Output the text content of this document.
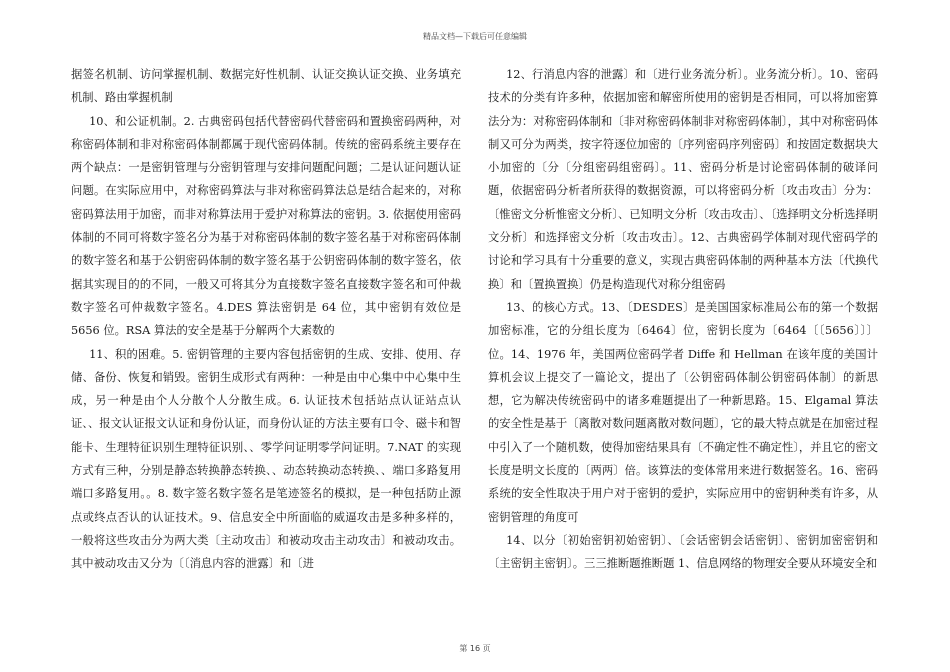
精品文档—下载后可任意编辑

据签名机制、访问掌握机制、数据完好性机制、认证交换认证交换、业务填充机制、路由掌握机制

10、和公证机制。2. 古典密码包括代替密码代替密码和置换密码两种，对称密码体制和非对称密码体制都属于现代密码体制。传统的密码系统主要存在两个缺点：一是密钥管理与分密钥管理与安排问题配问题；二是认证问题认证问题。在实际应用中，对称密码算法与非对称密码算法总是结合起来的，对称密码算法用于加密，而非对称算法用于爱护对称算法的密钥。3. 依据使用密码体制的不同可将数字签名分为基于对称密码体制的数字签名基于对称密码体制的数字签名和基于公钥密码体制的数字签名基于公钥密码体制的数字签名，依据其实现目的的不同，一般又可将其分为直接数字签名直接数字签名和可仲裁数字签名可仲裁数字签名。4.DES 算法密钥是 64 位，其中密钥有效位是 5656 位。RSA 算法的安全是基于分解两个大素数的

11、积的困难。5. 密钥管理的主要内容包括密钥的生成、安排、使用、存储、备份、恢复和销毁。密钥生成形式有两种：一种是由中心集中中心集中生成，另一种是由个人分散个人分散生成。6. 认证技术包括站点认证站点认证、、报文认证报文认证和身份认证，而身份认证的方法主要有口令、磁卡和智能卡、生理特征识别生理特征识别、、零学问证明零学问证明。7.NAT 的实现方式有三种，分别是静态转换静态转换、、动态转换动态转换、、端口多路复用端口多路复用。。8. 数字签名数字签名是笔迹签名的模拟，是一种包括防止源点或终点否认的认证技术。9、信息安全中所面临的威逼攻击是多种多样的，一般将这些攻击分为两大类〔主动攻击〕和被动攻击主动攻击〕和被动攻击。其中被动攻击又分为〔〔消息内容的泄露〕和〔进

12、行消息内容的泄露〕和〔进行业务流分析〕。业务流分析〕。10、密码技术的分类有许多种，依据加密和解密所使用的密钥是否相同，可以将加密算法分为：对称密码体制和〔非对称密码体制非对称密码体制〕，其中对称密码体制又可分为两类，按字符逐位加密的〔序列密码序列密码〕和按固定数据块大小加密的〔分〔分组密码组密码〕。11、密码分析是讨论密码体制的破译问题，依据密码分析者所获得的数据资源，可以将密码分析〔攻击攻击〕分为：〔惟密文分析惟密文分析〕、已知明文分析〔攻击攻击〕、〔选择明文分析选择明文分析〕和选择密文分析〔攻击攻击〕。12、古典密码学体制对现代密码学的讨论和学习具有十分重要的意义，实现古典密码体制的两种基本方法〔代换代换〕和〔置换置换〕仍是构造现代对称分组密码

13、的核心方式。13、〔DESDES〕是美国国家标准局公布的第一个数据加密标准，它的分组长度为〔6464〕位，密钥长度为〔6464〔〔5656〕〕〕位。14、1976 年，美国两位密码学者 Diffe 和 Hellman 在该年度的美国计算机会议上提交了一篇论文，提出了〔公钥密码体制公钥密码体制〕的新思想，它为解决传统密码中的诸多难题提出了一种新思路。15、Elgamal 算法的安全性是基于〔离散对数问题离散对数问题〕，它的最大特点就是在加密过程中引入了一个随机数，使得加密结果具有〔不确定性不确定性〕，并且它的密文长度是明文长度的〔两两〕倍。该算法的变体常用来进行数据签名。16、密码系统的安全性取决于用户对于密钥的爱护，实际应用中的密钥种类有许多，从密钥管理的角度可

14、以分〔初始密钥初始密钥〕、〔会话密钥会话密钥〕、密钥加密密钥和〔主密钥主密钥〕。三三推断题推断题 1、信息网络的物理安全要从环境安全和

第 16 页
